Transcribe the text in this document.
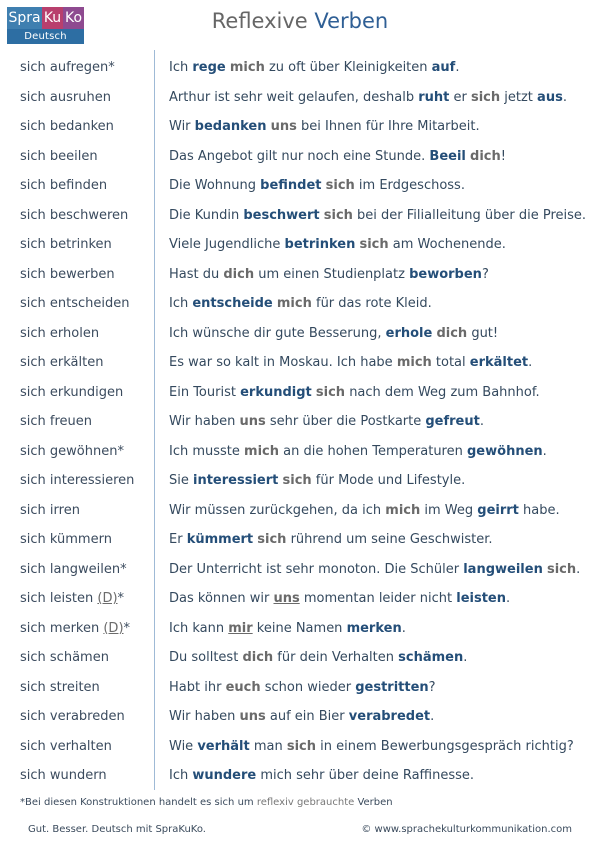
Spra Ku Ko
Deutsch lernen
Reflexive Verben
sich aufregen*	Ich rege mich zu oft über Kleinigkeiten auf.
sich ausruhen	Arthur ist sehr weit gelaufen, deshalb ruht er sich jetzt aus.
sich bedanken	Wir bedanken uns bei Ihnen für Ihre Mitarbeit.
sich beeilen	Das Angebot gilt nur noch eine Stunde. Beeil dich!
sich befinden	Die Wohnung befindet sich im Erdgeschoss.
sich beschweren	Die Kundin beschwert sich bei der Filialleitung über die Preise.
sich betrinken	Viele Jugendliche betrinken sich am Wochenende.
sich bewerben	Hast du dich um einen Studienplatz beworben?
sich entscheiden	Ich entscheide mich für das rote Kleid.
sich erholen	Ich wünsche dir gute Besserung, erhole dich gut!
sich erkälten	Es war so kalt in Moskau. Ich habe mich total erkältet.
sich erkundigen	Ein Tourist erkundigt sich nach dem Weg zum Bahnhof.
sich freuen	Wir haben uns sehr über die Postkarte gefreut.
sich gewöhnen*	Ich musste mich an die hohen Temperaturen gewöhnen.
sich interessieren	Sie interessiert sich für Mode und Lifestyle.
sich irren	Wir müssen zurückgehen, da ich mich im Weg geirrt habe.
sich kümmern	Er kümmert sich rührend um seine Geschwister.
sich langweilen*	Der Unterricht ist sehr monoton. Die Schüler langweilen sich.
sich leisten (D)*	Das können wir uns momentan leider nicht leisten.
sich merken (D)*	Ich kann mir keine Namen merken.
sich schämen	Du solltest dich für dein Verhalten schämen.
sich streiten	Habt ihr euch schon wieder gestritten?
sich verabreden	Wir haben uns auf ein Bier verabredet.
sich verhalten	Wie verhält man sich in einem Bewerbungsgespräch richtig?
sich wundern	Ich wundere mich sehr über deine Raffinesse.
*Bei diesen Konstruktionen handelt es sich um reflexiv gebrauchte Verben
Gut. Besser. Deutsch mit SpraKuKo.	© www.sprachekulturkommunikation.com
